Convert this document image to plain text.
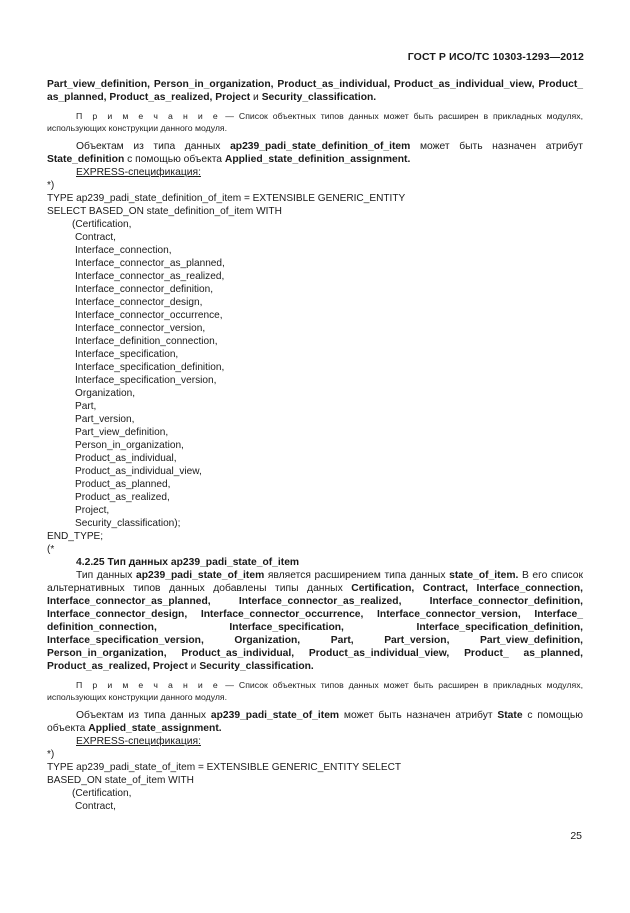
ГОСТ Р ИСО/ТС 10303-1293—2012

Part_view_definition, Person_in_organization, Product_as_individual, Product_as_individual_view, Product_ as_planned, Product_as_realized, Project и Security_classification.

П р и м е ч а н и е — Список объектных типов данных может быть расширен в прикладных модулях, использующих конструкции данного модуля.

Объектам из типа данных ap239_padi_state_definition_of_item может быть назначен атрибут State_definition с помощью объекта Applied_state_definition_assignment.

EXPRESS-спецификация:

*)

TYPE ap239_padi_state_definition_of_item = EXTENSIBLE GENERIC_ENTITY

SELECT BASED_ON state_definition_of_item WITH

(Certification,
Contract,
Interface_connection,
Interface_connector_as_planned,
Interface_connector_as_realized,
Interface_connector_definition,
Interface_connector_design,
Interface_connector_occurrence,
Interface_connector_version,
Interface_definition_connection,
Interface_specification,
Interface_specification_definition,
Interface_specification_version,
Organization,
Part,
Part_version,
Part_view_definition,
Person_in_organization,
Product_as_individual,
Product_as_individual_view,
Product_as_planned,
Product_as_realized,
Project,
Security_classification);

END_TYPE;

(*

4.2.25 Тип данных ap239_padi_state_of_item

Тип данных ap239_padi_state_of_item является расширением типа данных state_of_item. В его список альтернативных типов данных добавлены типы данных Certification, Contract, Interface_connection, Interface_connector_as_planned, Interface_connector_as_realized, Interface_connector_definition, Interface_connector_design, Interface_connector_occurrence, Interface_connector_version, Interface_ definition_connection, Interface_specification, Interface_specification_definition, Interface_specification_version, Organization, Part, Part_version, Part_view_definition, Person_in_organization, Product_as_individual, Product_as_individual_view, Product_ as_planned, Product_as_realized, Project и Security_classification.

П р и м е ч а н и е — Список объектных типов данных может быть расширен в прикладных модулях, использующих конструкции данного модуля.

Объектам из типа данных ap239_padi_state_of_item может быть назначен атрибут State с помощью объекта Applied_state_assignment.

EXPRESS-спецификация:

*)

TYPE ap239_padi_state_of_item = EXTENSIBLE GENERIC_ENTITY SELECT

BASED_ON state_of_item WITH

(Certification,
Contract,
25
